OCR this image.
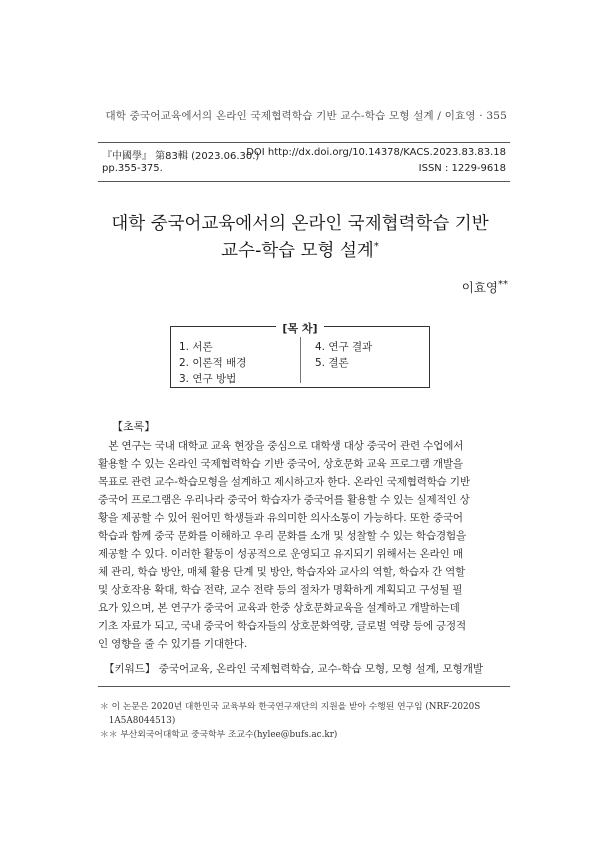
대학 중국어교육에서의 온라인 국제협력학습 기반 교수-학습 모형 설계 / 이효영 · 355
『中國學』 第83輯 (2023.06.30.)
pp.355-375.
DOI http://dx.doi.org/10.14378/KACS.2023.83.83.18
ISSN : 1229-9618
대학 중국어교육에서의 온라인 국제협력학습 기반
교수-학습 모형 설계*
이효영**
[목 차]
1. 서론
2. 이론적 배경
3. 연구 방법
4. 연구 결과
5. 결론
【초록】
　본 연구는 국내 대학교 교육 현장을 중심으로 대학생 대상 중국어 관련 수업에서
활용할 수 있는 온라인 국제협력학습 기반 중국어, 상호문화 교육 프로그램 개발을
목표로 관련 교수-학습모형을 설계하고 제시하고자 한다. 온라인 국제협력학습 기반
중국어 프로그램은 우리나라 중국어 학습자가 중국어를 활용할 수 있는 실제적인 상
황을 제공할 수 있어 원어민 학생들과 유의미한 의사소통이 가능하다. 또한 중국어
학습과 함께 중국 문화를 이해하고 우리 문화를 소개 및 성찰할 수 있는 학습경험을
제공할 수 있다. 이러한 활동이 성공적으로 운영되고 유지되기 위해서는 온라인 매
체 관리, 학습 방안, 매체 활용 단계 및 방안, 학습자와 교사의 역할, 학습자 간 역할
및 상호작용 확대, 학습 전략, 교수 전략 등의 절차가 명확하게 계획되고 구성될 필
요가 있으며, 본 연구가 중국어 교육과 한중 상호문화교육을 설계하고 개발하는데
기초 자료가 되고, 국내 중국어 학습자들의 상호문화역량, 글로벌 역량 등에 긍정적
인 영향을 줄 수 있기를 기대한다.
【키워드】 중국어교육, 온라인 국제협력학습, 교수-학습 모형, 모형 설계, 모형개발
＊ 이 논문은 2020년 대한민국 교육부와 한국연구재단의 지원을 받아 수행된 연구임 (NRF-2020S
　1A5A8044513)
＊＊ 부산외국어대학교 중국학부 조교수(hylee@bufs.ac.kr)
